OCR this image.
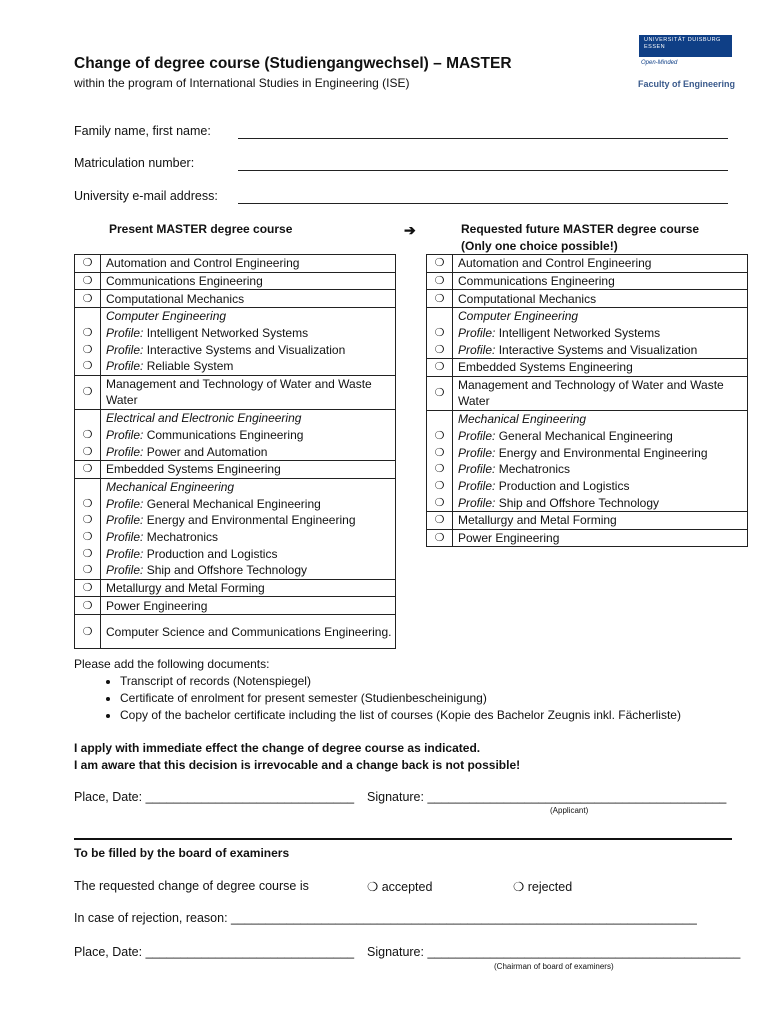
Change of degree course (Studiengangwechsel) – MASTER
within the program of International Studies in Engineering (ISE)
UNIVERSITÄT DUISBURG ESSEN
Open-Minded
Faculty of Engineering
Family name, first name:
Matriculation number:
University e-mail address:
Present MASTER degree course	➔	Requested future MASTER degree course
(Only one choice possible!)
❍	Automation and Control Engineering
❍	Communications Engineering
❍	Computational Mechanics
	Computer Engineering
❍	Profile: Intelligent Networked Systems
❍	Profile: Interactive Systems and Visualization
❍	Profile: Reliable System
❍	Management and Technology of Water and Waste Water
	Electrical and Electronic Engineering
❍	Profile: Communications Engineering
❍	Profile: Power and Automation
❍	Embedded Systems Engineering
	Mechanical Engineering
❍	Profile: General Mechanical Engineering
❍	Profile: Energy and Environmental Engineering
❍	Profile: Mechatronics
❍	Profile: Production and Logistics
❍	Profile: Ship and Offshore Technology
❍	Metallurgy and Metal Forming
❍	Power Engineering
❍	Computer Science and Communications Engineering.
❍	Automation and Control Engineering
❍	Communications Engineering
❍	Computational Mechanics
	Computer Engineering
❍	Profile: Intelligent Networked Systems
❍	Profile: Interactive Systems and Visualization
❍	Embedded Systems Engineering
❍	Management and Technology of Water and Waste Water
	Mechanical Engineering
❍	Profile: General Mechanical Engineering
❍	Profile: Energy and Environmental Engineering
❍	Profile: Mechatronics
❍	Profile: Production and Logistics
❍	Profile: Ship and Offshore Technology
❍	Metallurgy and Metal Forming
❍	Power Engineering
Please add the following documents:
• Transcript of records (Notenspiegel)
• Certificate of enrolment for present semester (Studienbescheinigung)
• Copy of the bachelor certificate including the list of courses (Kopie des Bachelor Zeugnis inkl. Fächerliste)
I apply with immediate effect the change of degree course as indicated.
I am aware that this decision is irrevocable and a change back is not possible!
Place, Date: ______________________________ Signature: ___________________________________________
(Applicant)
To be filled by the board of examiners
The requested change of degree course is	❍ accepted	❍ rejected
In case of rejection, reason: ___________________________________________________________________
Place, Date: ______________________________ Signature: _____________________________________________
(Chairman of board of examiners)
